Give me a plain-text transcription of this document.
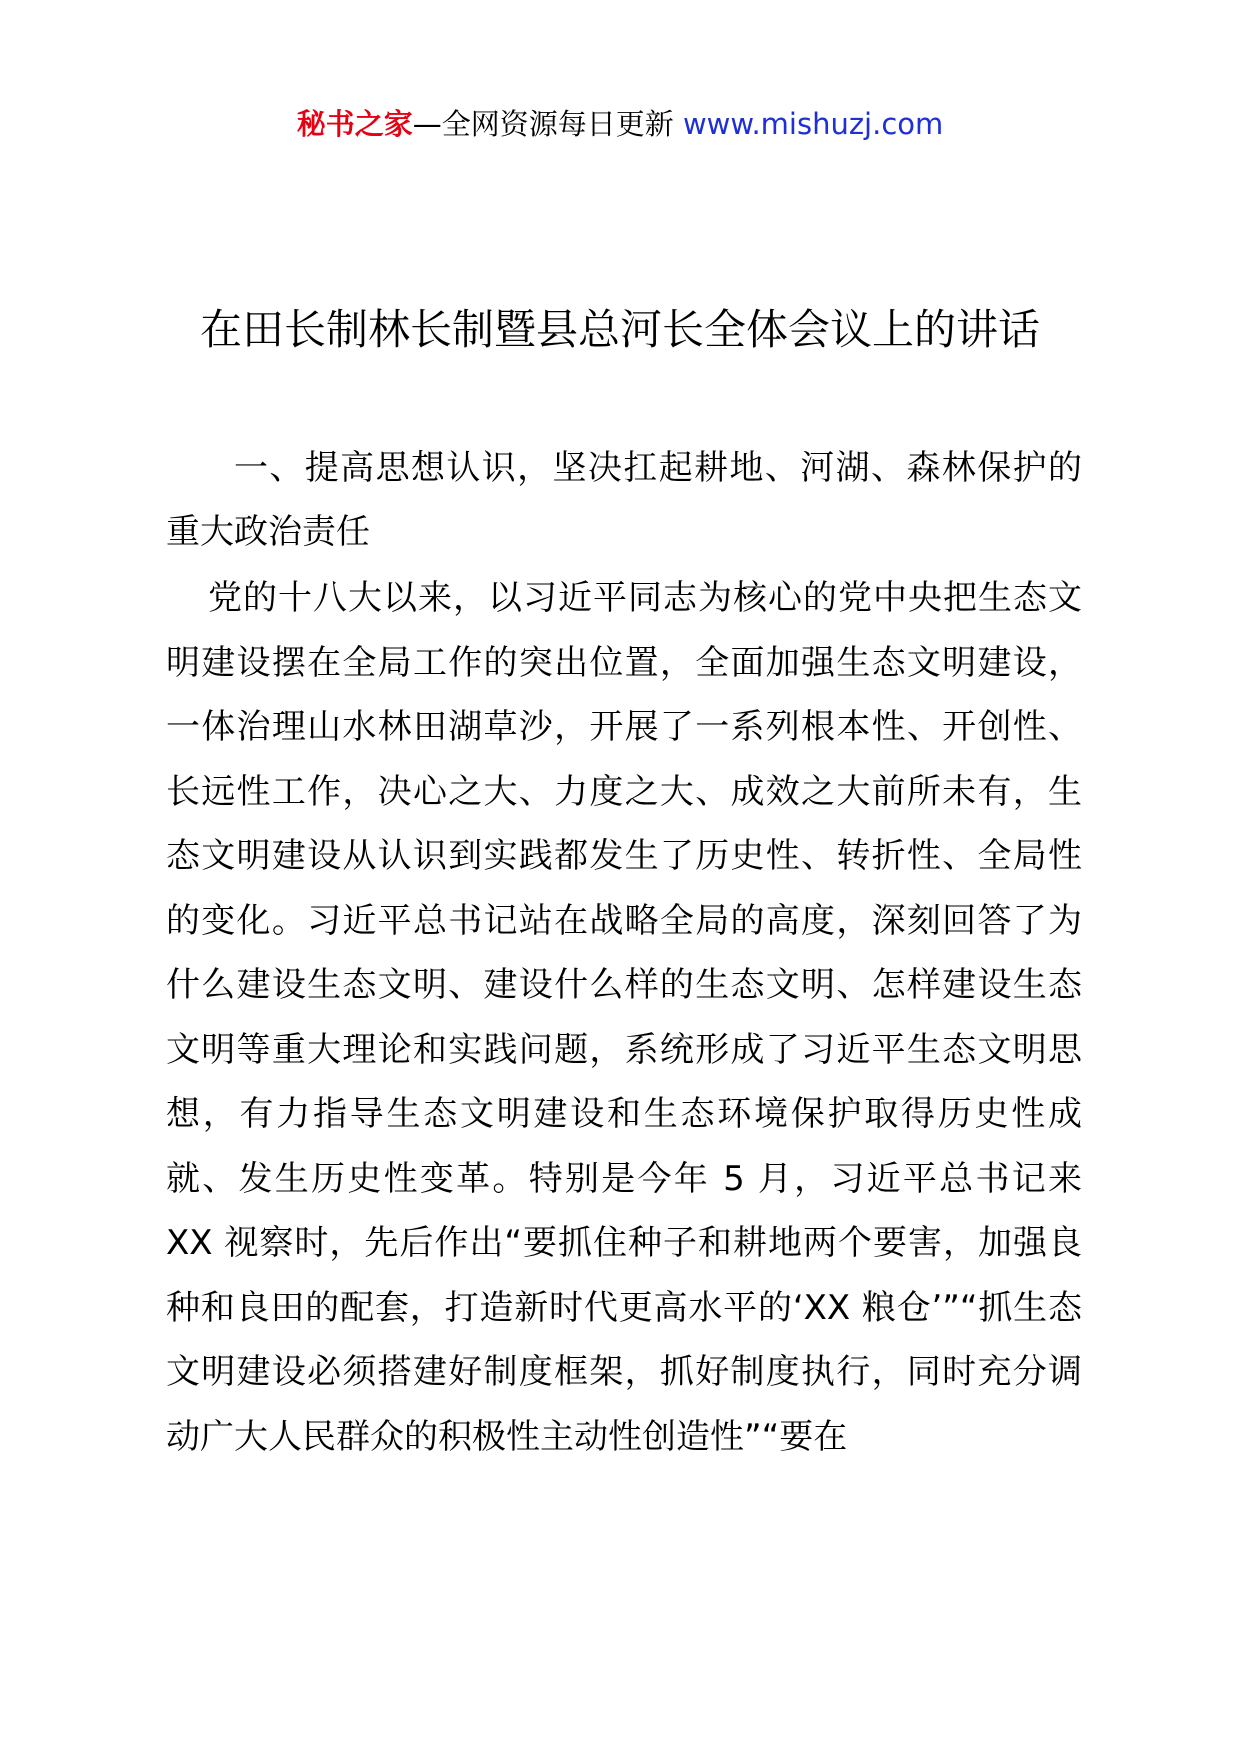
秘书之家—全网资源每日更新 www.mishuzj.com
在田长制林长制暨县总河长全体会议上的讲话

一、提高思想认识，坚决扛起耕地、河湖、森林保护的重大政治责任

党的十八大以来，以习近平同志为核心的党中央把生态文明建设摆在全局工作的突出位置，全面加强生态文明建设，一体治理山水林田湖草沙，开展了一系列根本性、开创性、长远性工作，决心之大、力度之大、成效之大前所未有，生态文明建设从认识到实践都发生了历史性、转折性、全局性的变化。习近平总书记站在战略全局的高度，深刻回答了为什么建设生态文明、建设什么样的生态文明、怎样建设生态文明等重大理论和实践问题，系统形成了习近平生态文明思想，有力指导生态文明建设和生态环境保护取得历史性成就、发生历史性变革。特别是今年 5 月，习近平总书记来 XX 视察时，先后作出“要抓住种子和耕地两个要害，加强良种和良田的配套，打造新时代更高水平的‘XX 粮仓’”“抓生态文明建设必须搭建好制度框架，抓好制度执行，同时充分调动广大人民群众的积极性主动性创造性”“要在
